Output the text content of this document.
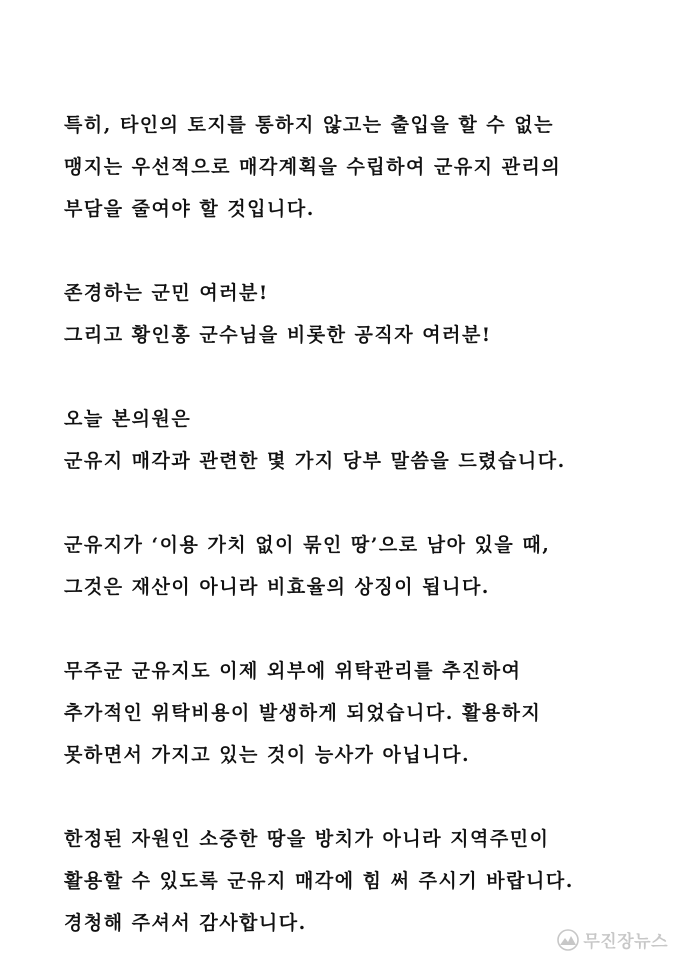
특히, 타인의 토지를 통하지 않고는 출입을 할 수 없는
맹지는 우선적으로 매각계획을 수립하여 군유지 관리의
부담을 줄여야 할 것입니다.

존경하는 군민 여러분!
그리고 황인홍 군수님을 비롯한 공직자 여러분!

오늘 본의원은
군유지 매각과 관련한 몇 가지 당부 말씀을 드렸습니다.

군유지가 ‘이용 가치 없이 묶인 땅’으로 남아 있을 때,
그것은 재산이 아니라 비효율의 상징이 됩니다.

무주군 군유지도 이제 외부에 위탁관리를 추진하여
추가적인 위탁비용이 발생하게 되었습니다. 활용하지
못하면서 가지고 있는 것이 능사가 아닙니다.

한정된 자원인 소중한 땅을 방치가 아니라 지역주민이
활용할 수 있도록 군유지 매각에 힘 써 주시기 바랍니다.
경청해 주셔서 감사합니다.

무진장뉴스
